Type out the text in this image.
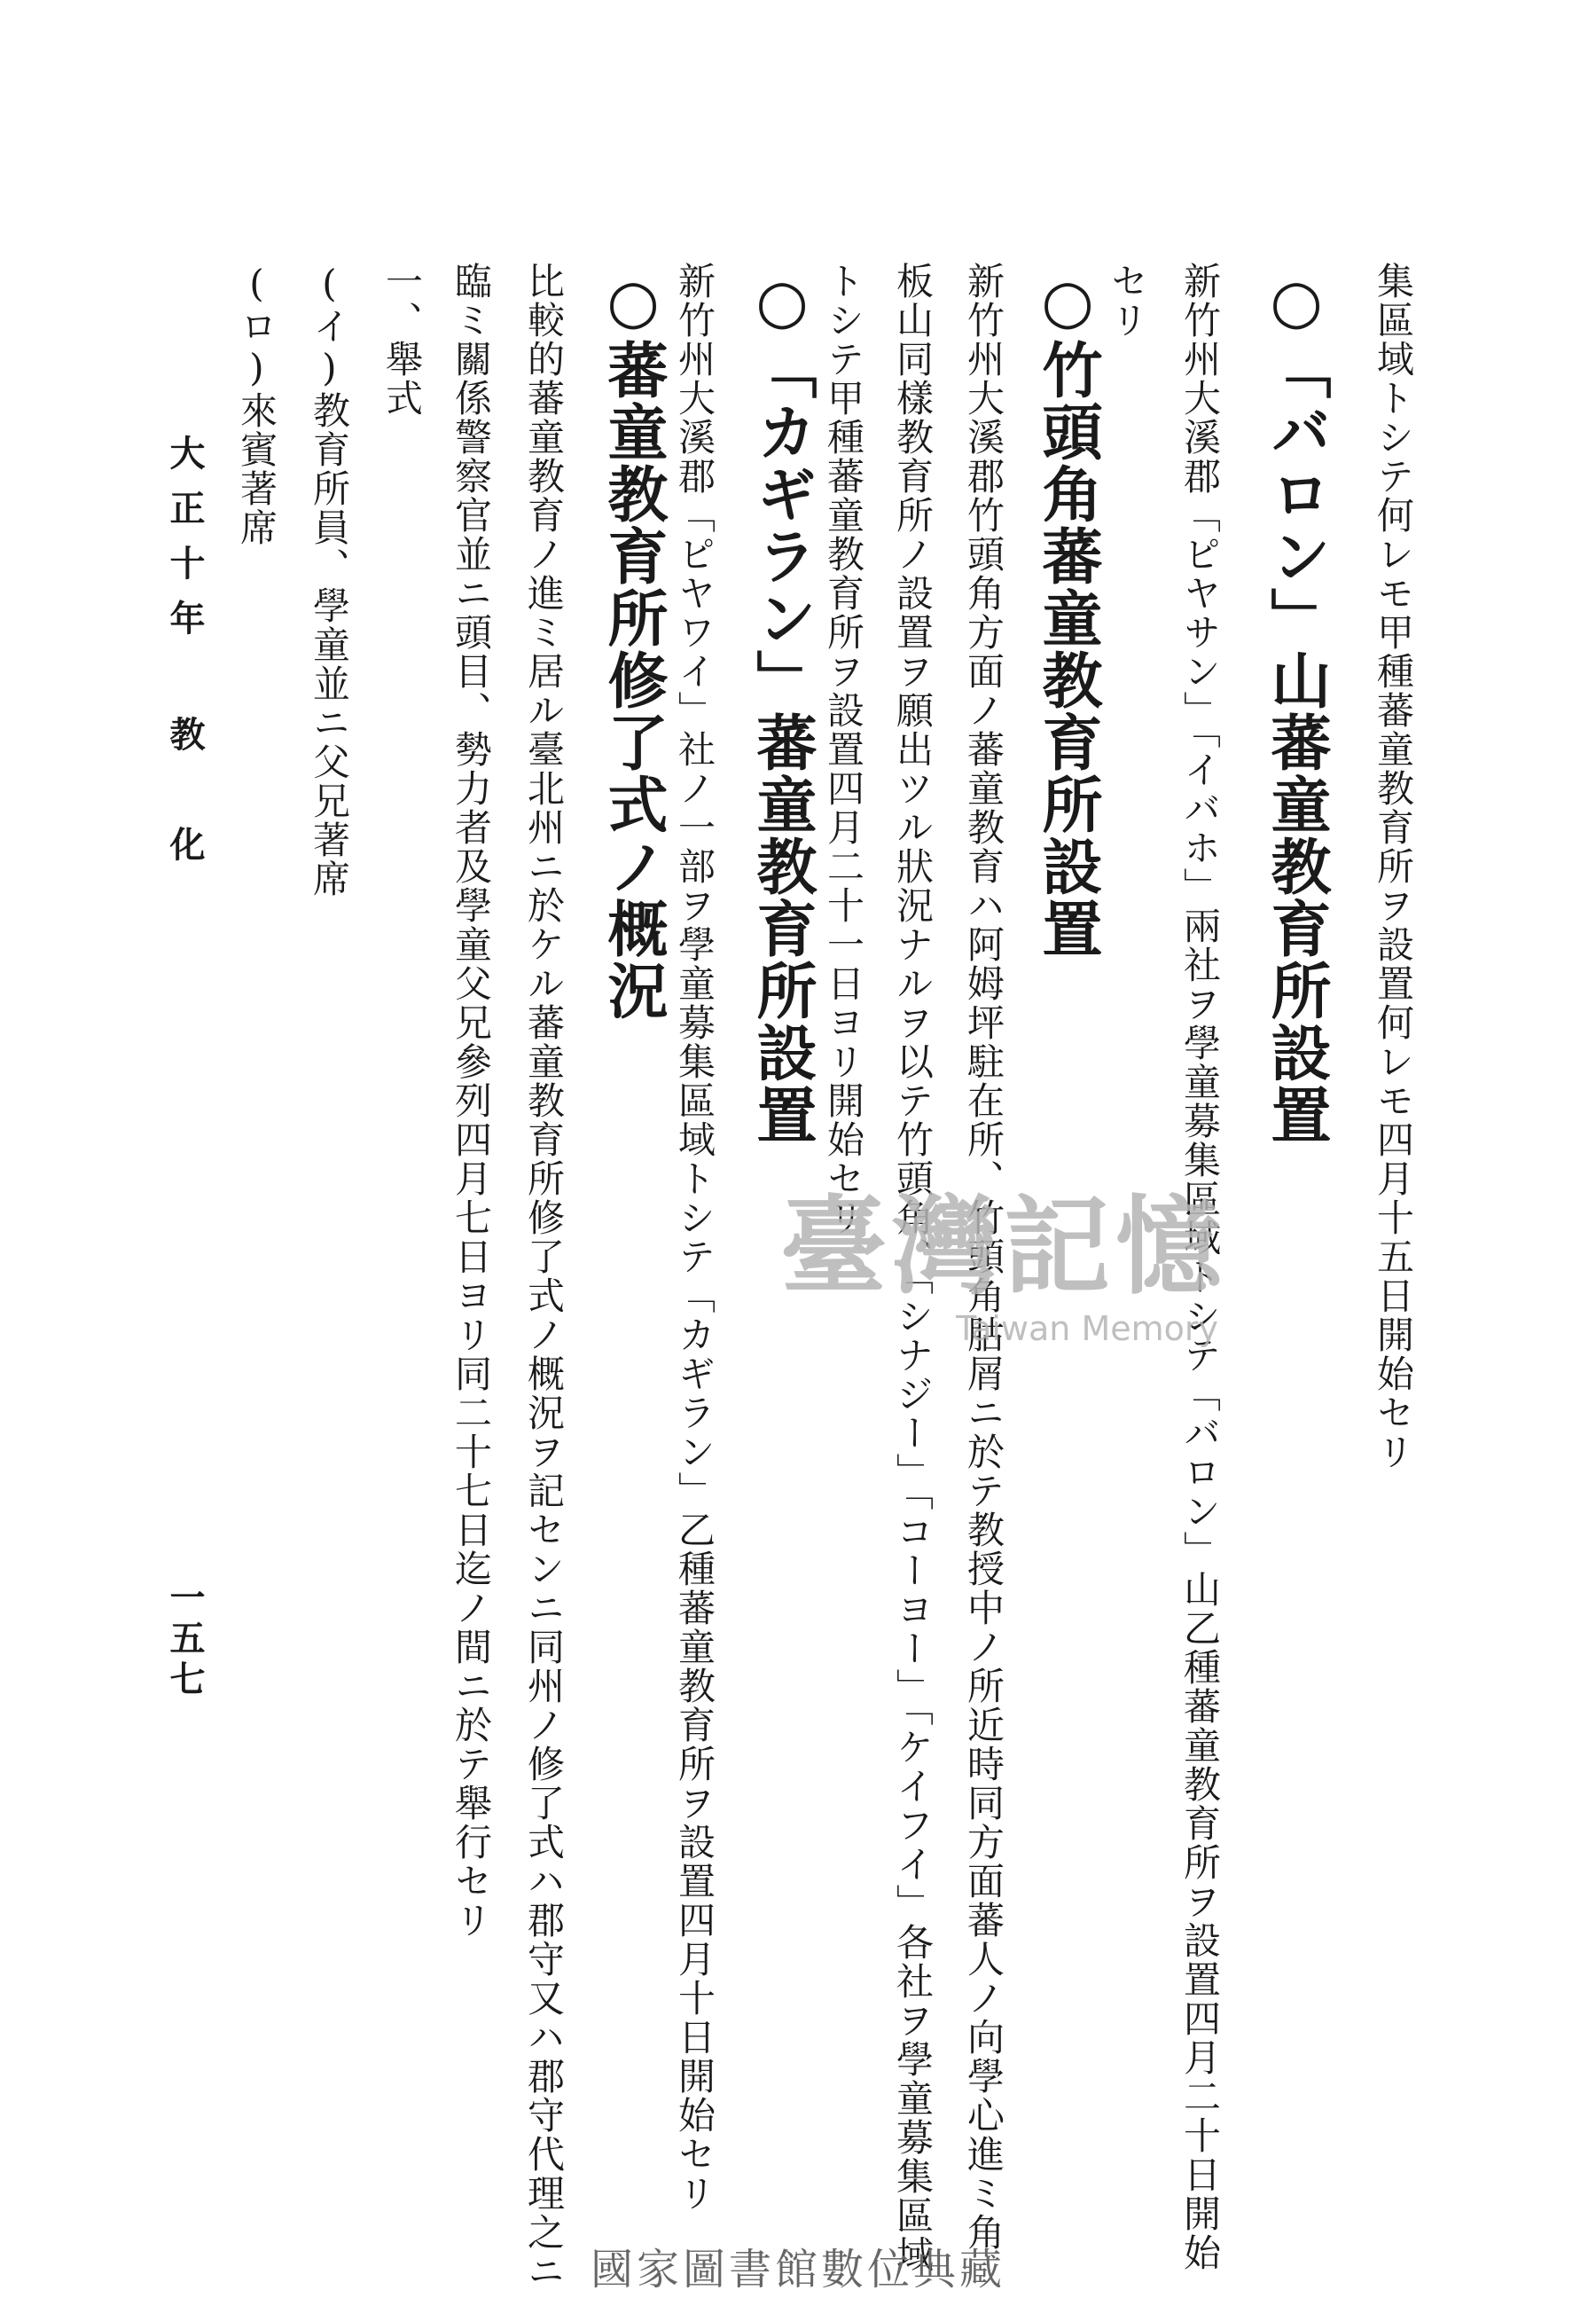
集區域トシテ何レモ甲種蕃童教育所ヲ設置何レモ四月十五日開始セリ
○「バロン」山蕃童教育所設置
新竹州大溪郡「ピヤサン」「イバホ」兩社ヲ學童募集區域トシテ「バロン」山乙種蕃童教育所ヲ設置四月二十日開始
セリ
○竹頭角蕃童教育所設置
新竹州大溪郡竹頭角方面ノ蕃童教育ハ阿姆坪駐在所、竹頭角𦙶屑ニ於テ教授中ノ所近時同方面蕃人ノ向學心進ミ角
板山同樣教育所ノ設置ヲ願出ツル狀況ナルヲ以テ竹頭角、「シナジー」「コーヨー」「ケイフイ」各社ヲ學童募集區域
トシテ甲種蕃童教育所ヲ設置四月二十一日ヨリ開始セリ
○「カギラン」蕃童教育所設置
新竹州大溪郡「ピヤワイ」社ノ一部ヲ學童募集區域トシテ「カギラン」乙種蕃童教育所ヲ設置四月十日開始セリ
○蕃童教育所修了式ノ概況
比較的蕃童教育ノ進ミ居ル臺北州ニ於ケル蕃童教育所修了式ノ概況ヲ記センニ同州ノ修了式ハ郡守又ハ郡守代理之ニ
臨ミ關係警察官並ニ頭目、勢力者及學童父兄參列四月七日ヨリ同二十七日迄ノ間ニ於テ舉行セリ
一、舉式
(イ)教育所員、學童並ニ父兄著席
(ロ)來賓著席
大正十年 教　化
一五七
臺灣記憶
Taiwan Memory
國家圖書館數位典藏
